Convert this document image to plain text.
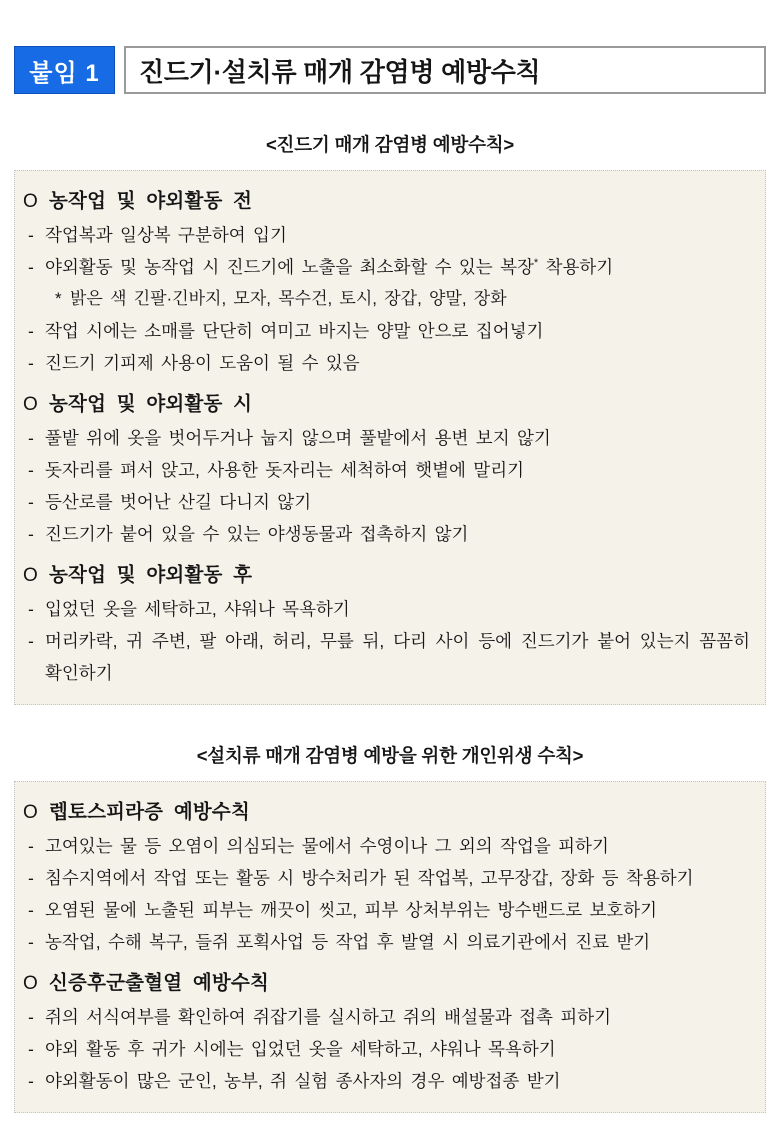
붙임 1	진드기·설치류 매개 감염병 예방수칙
<진드기 매개 감염병 예방수칙>
O 농작업 및 야외활동 전
- 작업복과 일상복 구분하여 입기
- 야외활동 및 농작업 시 진드기에 노출을 최소화할 수 있는 복장* 착용하기
* 밝은 색 긴팔·긴바지, 모자, 목수건, 토시, 장갑, 양말, 장화
- 작업 시에는 소매를 단단히 여미고 바지는 양말 안으로 집어넣기
- 진드기 기피제 사용이 도움이 될 수 있음
O 농작업 및 야외활동 시
- 풀밭 위에 옷을 벗어두거나 눕지 않으며 풀밭에서 용변 보지 않기
- 돗자리를 펴서 앉고, 사용한 돗자리는 세척하여 햇볕에 말리기
- 등산로를 벗어난 산길 다니지 않기
- 진드기가 붙어 있을 수 있는 야생동물과 접촉하지 않기
O 농작업 및 야외활동 후
- 입었던 옷을 세탁하고, 샤워나 목욕하기
- 머리카락, 귀 주변, 팔 아래, 허리, 무릎 뒤, 다리 사이 등에 진드기가 붙어 있는지 꼼꼼히 확인하기
<설치류 매개 감염병 예방을 위한 개인위생 수칙>
O 렙토스피라증 예방수칙
- 고여있는 물 등 오염이 의심되는 물에서 수영이나 그 외의 작업을 피하기
- 침수지역에서 작업 또는 활동 시 방수처리가 된 작업복, 고무장갑, 장화 등 착용하기
- 오염된 물에 노출된 피부는 깨끗이 씻고, 피부 상처부위는 방수밴드로 보호하기
- 농작업, 수해 복구, 들쥐 포획사업 등 작업 후 발열 시 의료기관에서 진료 받기
O 신증후군출혈열 예방수칙
- 쥐의 서식여부를 확인하여 쥐잡기를 실시하고 쥐의 배설물과 접촉 피하기
- 야외 활동 후 귀가 시에는 입었던 옷을 세탁하고, 샤워나 목욕하기
- 야외활동이 많은 군인, 농부, 쥐 실험 종사자의 경우 예방접종 받기
